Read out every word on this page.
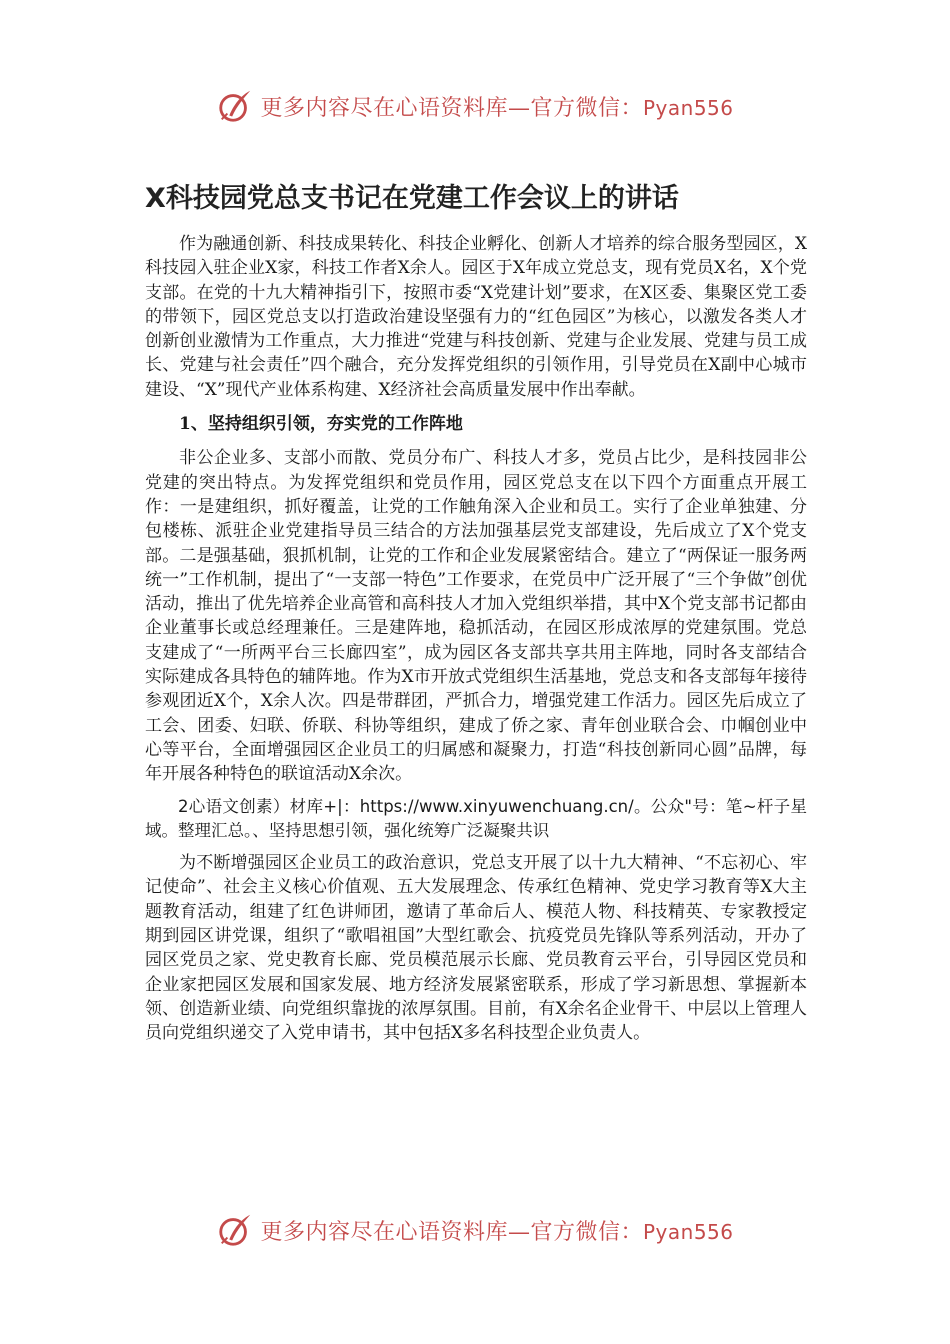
更多内容尽在心语资料库—官方微信：Pyan556
X科技园党总支书记在党建工作会议上的讲话

作为融通创新、科技成果转化、科技企业孵化、创新人才培养的综合服务型园区，X科技园入驻企业X家，科技工作者X余人。园区于X年成立党总支，现有党员X名，X个党支部。在党的十九大精神指引下，按照市委“X党建计划”要求，在X区委、集聚区党工委的带领下，园区党总支以打造政治建设坚强有力的“红色园区”为核心，以激发各类人才创新创业激情为工作重点，大力推进“党建与科技创新、党建与企业发展、党建与员工成长、党建与社会责任”四个融合，充分发挥党组织的引领作用，引导党员在X副中心城市建设、“X”现代产业体系构建、X经济社会高质量发展中作出奉献。

1、坚持组织引领，夯实党的工作阵地

非公企业多、支部小而散、党员分布广、科技人才多，党员占比少，是科技园非公党建的突出特点。为发挥党组织和党员作用，园区党总支在以下四个方面重点开展工作：一是建组织，抓好覆盖，让党的工作触角深入企业和员工。实行了企业单独建、分包楼栋、派驻企业党建指导员三结合的方法加强基层党支部建设，先后成立了X个党支部。二是强基础，狠抓机制，让党的工作和企业发展紧密结合。建立了“两保证一服务两统一”工作机制，提出了“一支部一特色”工作要求，在党员中广泛开展了“三个争做”创优活动，推出了优先培养企业高管和高科技人才加入党组织举措，其中X个党支部书记都由企业董事长或总经理兼任。三是建阵地，稳抓活动，在园区形成浓厚的党建氛围。党总支建成了“一所两平台三长廊四室”，成为园区各支部共享共用主阵地，同时各支部结合实际建成各具特色的辅阵地。作为X市开放式党组织生活基地，党总支和各支部每年接待参观团近X个，X余人次。四是带群团，严抓合力，增强党建工作活力。园区先后成立了工会、团委、妇联、侨联、科协等组织，建成了侨之家、青年创业联合会、巾帼创业中心等平台，全面增强园区企业员工的归属感和凝聚力，打造“科技创新同心圆”品牌，每年开展各种特色的联谊活动X余次。

2心语文创素）材库+|：https://www.xinyuwenchuang.cn/。公众"号：笔~杆子星域。整理汇总。、坚持思想引领，强化统筹广泛凝聚共识

为不断增强园区企业员工的政治意识，党总支开展了以十九大精神、“不忘初心、牢记使命”、社会主义核心价值观、五大发展理念、传承红色精神、党史学习教育等X大主题教育活动，组建了红色讲师团，邀请了革命后人、模范人物、科技精英、专家教授定期到园区讲党课，组织了“歌唱祖国”大型红歌会、抗疫党员先锋队等系列活动，开办了园区党员之家、党史教育长廊、党员模范展示长廊、党员教育云平台，引导园区党员和企业家把园区发展和国家发展、地方经济发展紧密联系，形成了学习新思想、掌握新本领、创造新业绩、向党组织靠拢的浓厚氛围。目前，有X余名企业骨干、中层以上管理人员向党组织递交了入党申请书，其中包括X多名科技型企业负责人。

更多内容尽在心语资料库—官方微信：Pyan556
